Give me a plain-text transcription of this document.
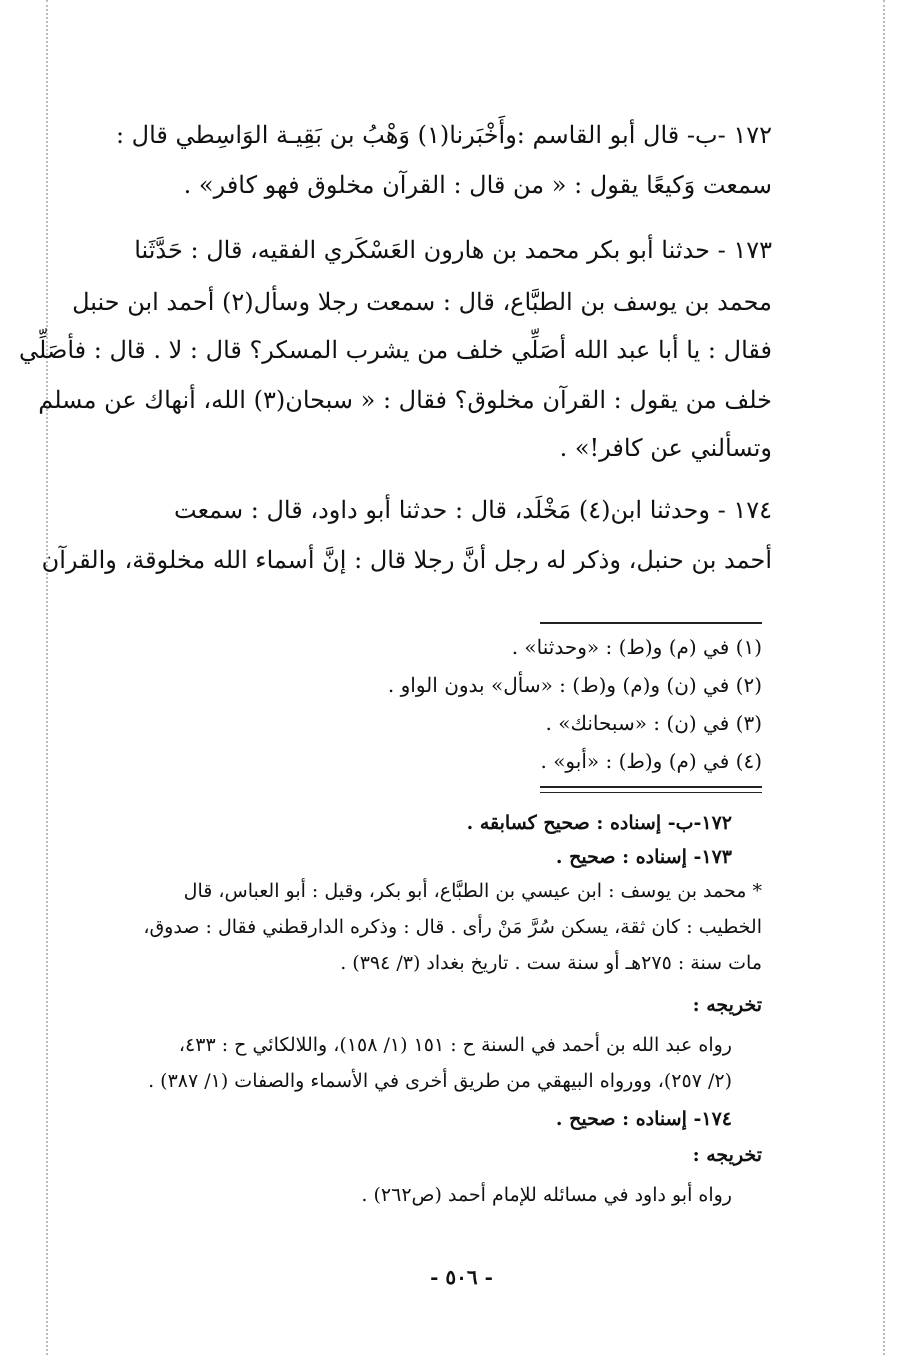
١٧٢ -ب- قال أبو القاسم :وأَخْبَرنا(١) وَهْبُ بن بَقِيـة الوَاسِطي قال :
سمعت وَكيعًا يقول : « من قال : القرآن مخلوق فهو كافر» .
١٧٣ - حدثنا أبو بكر محمد بن هارون العَسْكَري الفقيه، قال : حَدَّثَنا
محمد بن يوسف بن الطبَّاع، قال : سمعت رجلا وسأل(٢) أحمد ابن حنبل
فقال : يا أبا عبد الله أصَلِّي خلف من يشرب المسكر؟ قال : لا . قال : فأصَلِّي
خلف من يقول : القرآن مخلوق؟ فقال : « سبحان(٣) الله، أنهاك عن مسلم
وتسألني عن كافر!» .
١٧٤ - وحدثنا ابن(٤) مَخْلَد، قال : حدثنا أبو داود، قال : سمعت
أحمد بن حنبل، وذكر له رجل أنَّ رجلا قال : إنَّ أسماء الله مخلوقة، والقرآن
(١) في (م) و(ط) : «وحدثنا» .
(٢) في (ن) و(م) و(ط) : «سأل» بدون الواو .
(٣) في (ن) : «سبحانك» .
(٤) في (م) و(ط) : «أبو» .
١٧٢-ب- إسناده : صحيح كسابقه .
١٧٣- إسناده : صحيح .
* محمد بن يوسف : ابن عيسي بن الطبَّاع، أبو بكر، وقيل : أبو العباس، قال
الخطيب : كان ثقة، يسكن سُرَّ مَنْ رأى . قال : وذكره الدارقطني فقال : صدوق،
مات سنة : ٢٧٥هـ أو سنة ست . تاريخ بغداد (٣/ ٣٩٤) .
تخريجه :
رواه عبد الله بن أحمد في السنة ح : ١٥١ (١/ ١٥٨)، واللالكائي ح : ٤٣٣،
(٢/ ٢٥٧)، وورواه البيهقي من طريق أخرى في الأسماء والصفات (١/ ٣٨٧) .
١٧٤- إسناده : صحيح .
تخريجه :
رواه أبو داود في مسائله للإمام أحمد (ص٢٦٢) .
- ٥٠٦ -
